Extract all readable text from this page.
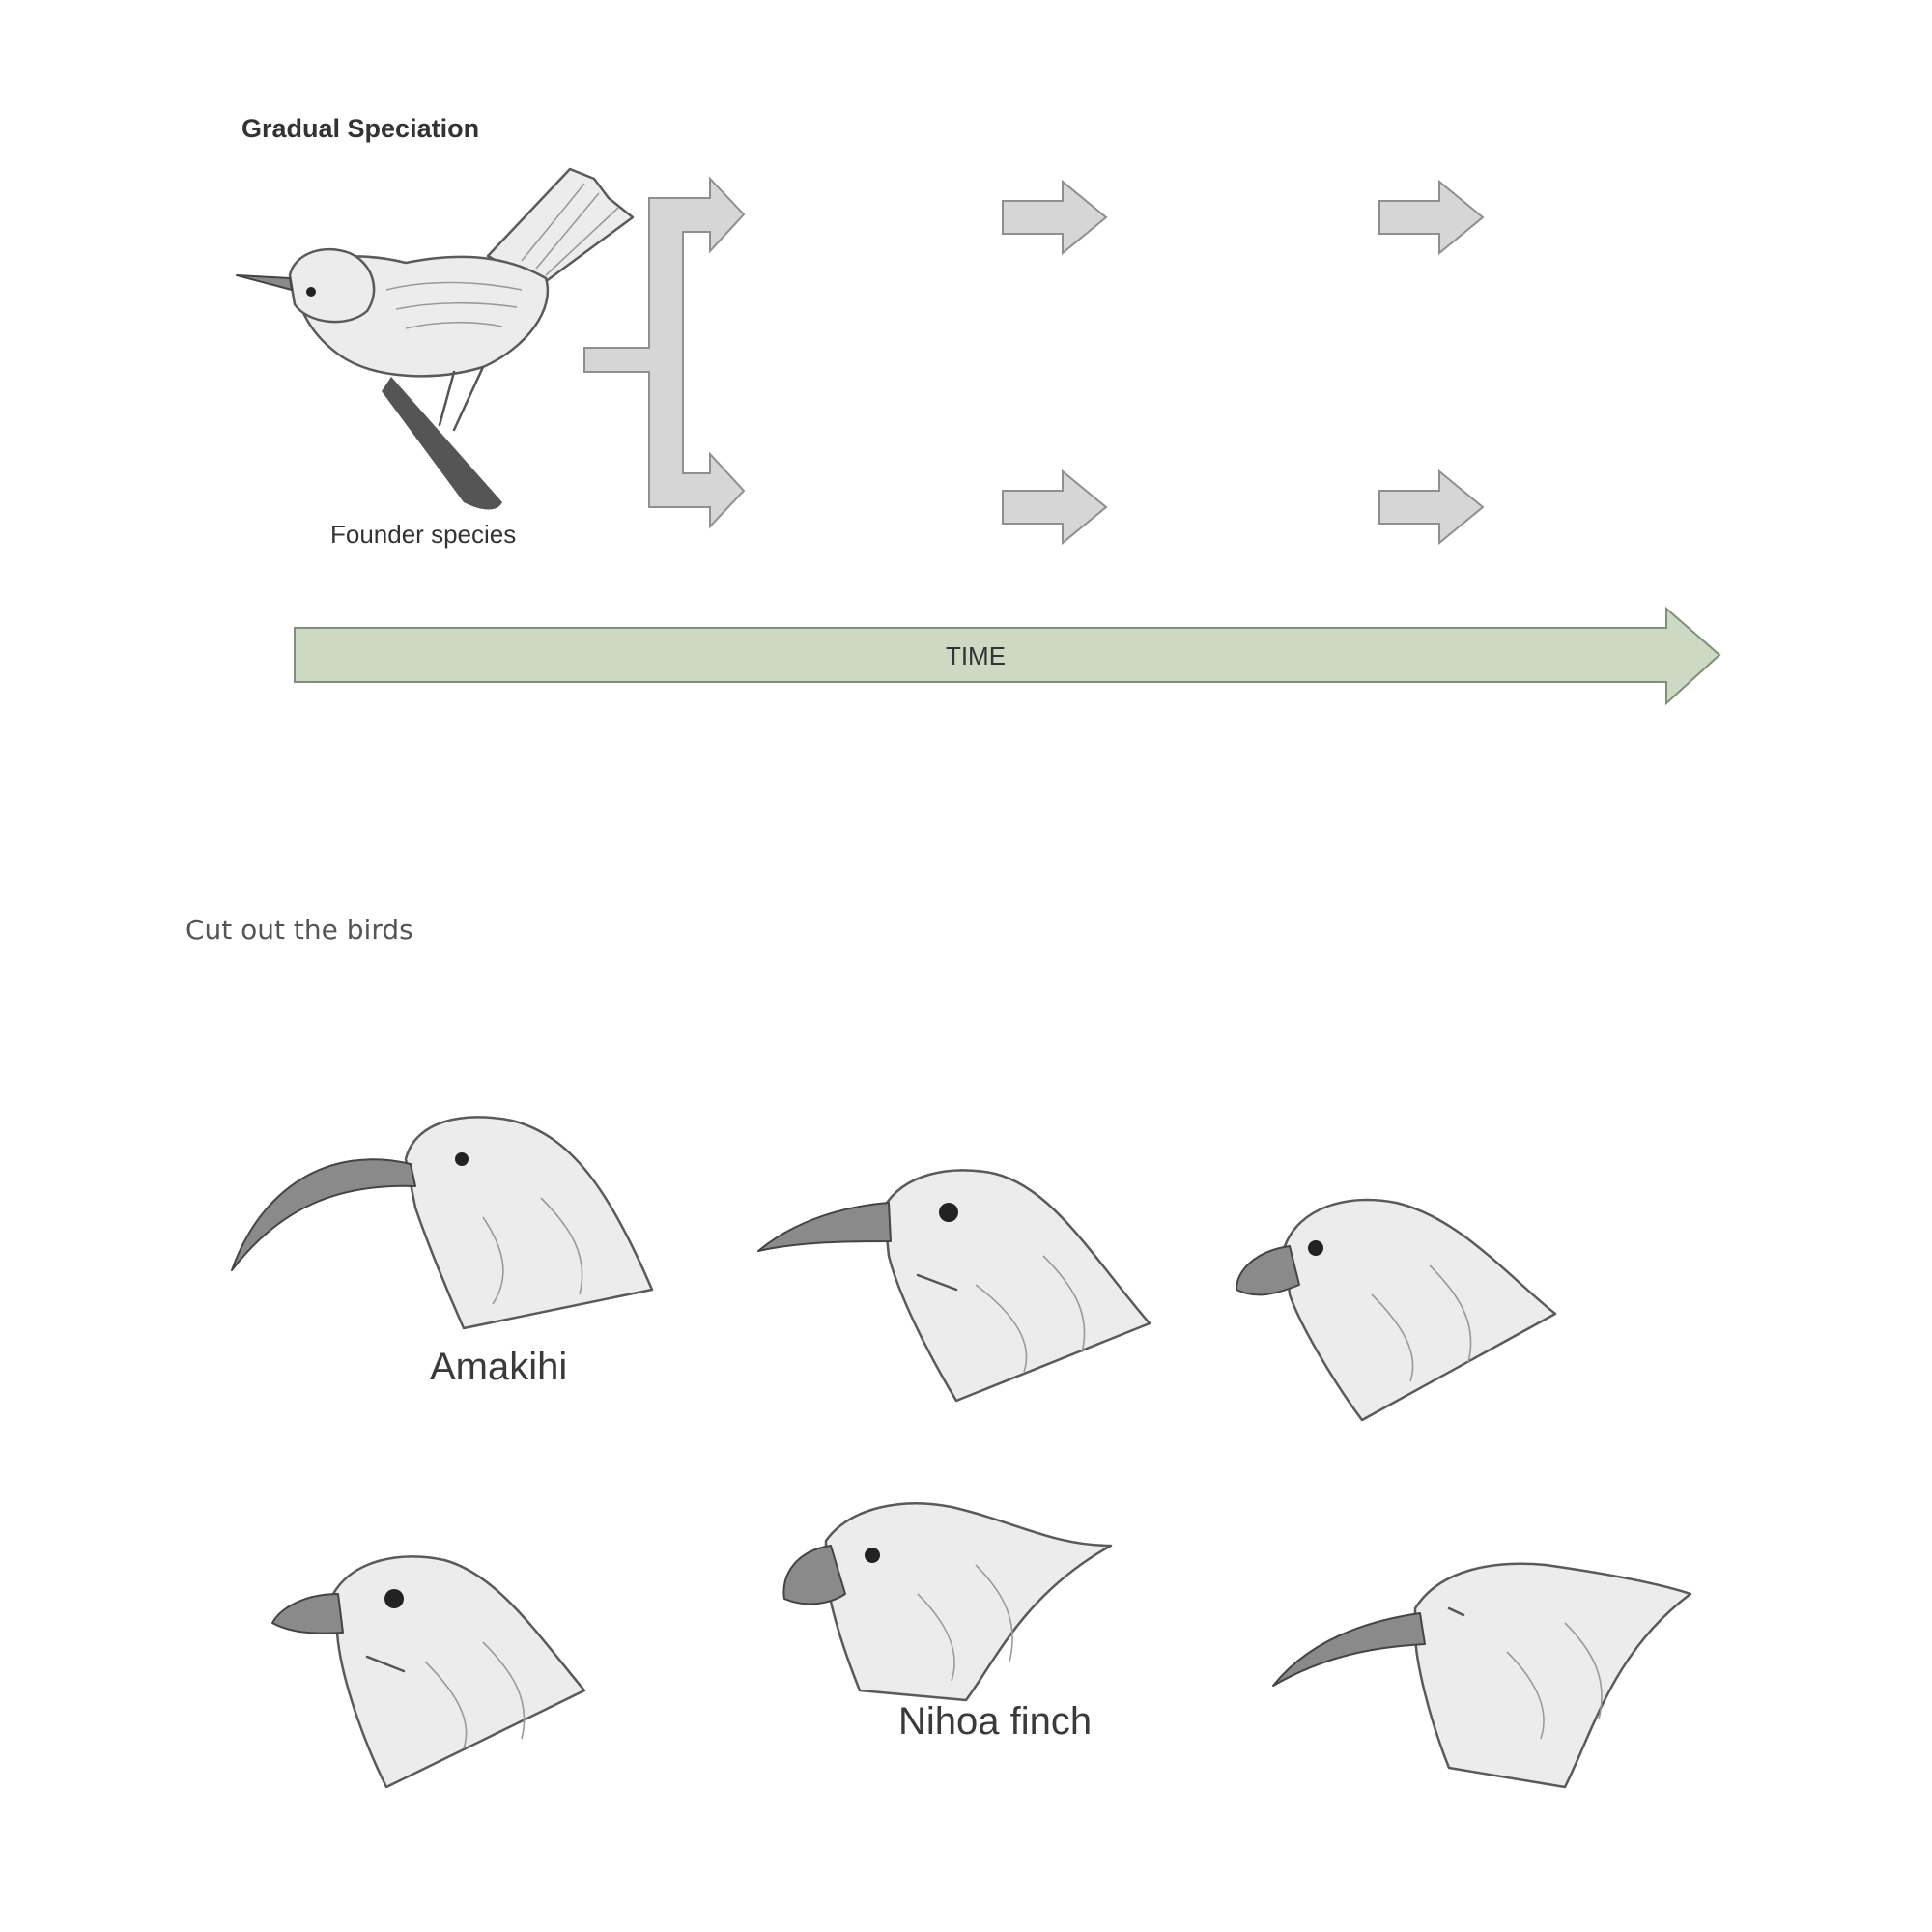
Gradual Speciation
Founder species
TIME
Cut out the birds
Amakihi
Nihoa finch
